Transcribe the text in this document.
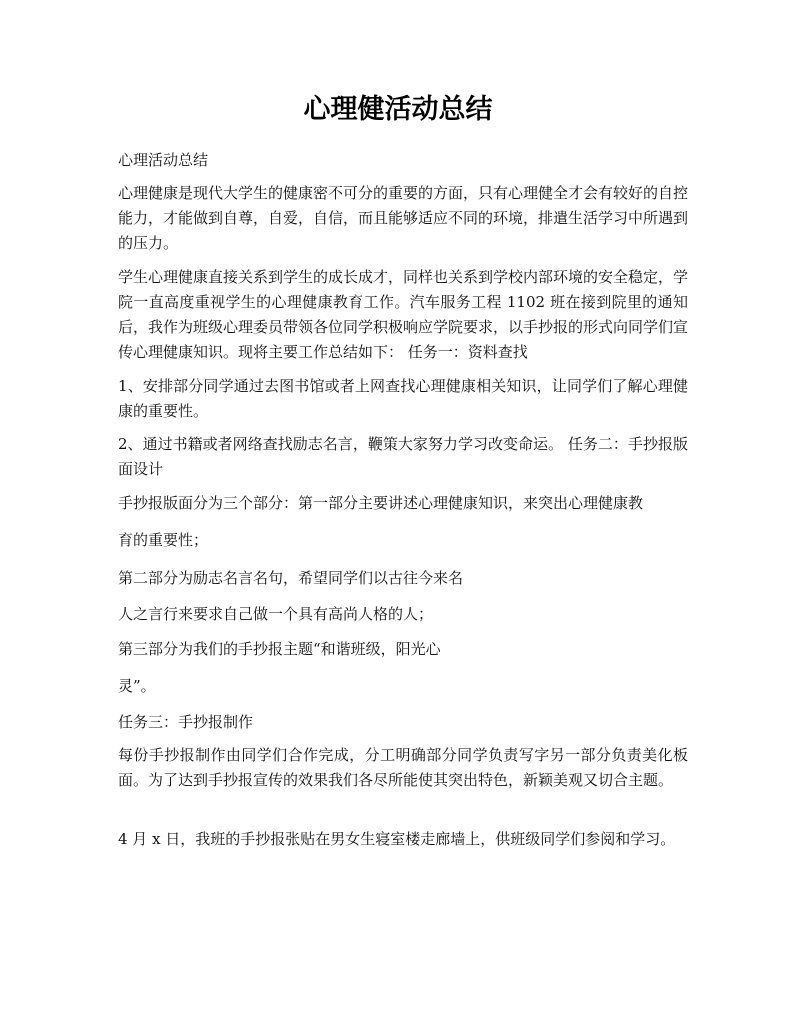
心理健活动总结

心理活动总结

心理健康是现代大学生的健康密不可分的重要的方面，只有心理健全才会有较好的自控能力，才能做到自尊，自爱，自信，而且能够适应不同的环境，排遣生活学习中所遇到的压力。

学生心理健康直接关系到学生的成长成才，同样也关系到学校内部环境的安全稳定，学院一直高度重视学生的心理健康教育工作。汽车服务工程 1102 班在接到院里的通知后，我作为班级心理委员带领各位同学积极响应学院要求，以手抄报的形式向同学们宣传心理健康知识。现将主要工作总结如下： 任务一：资料查找

1、安排部分同学通过去图书馆或者上网查找心理健康相关知识，让同学们了解心理健康的重要性。

2、通过书籍或者网络查找励志名言，鞭策大家努力学习改变命运。 任务二：手抄报版面设计

手抄报版面分为三个部分：第一部分主要讲述心理健康知识，来突出心理健康教

育的重要性；

第二部分为励志名言名句，希望同学们以古往今来名

人之言行来要求自己做一个具有高尚人格的人；

第三部分为我们的手抄报主题“和谐班级，阳光心

灵”。

任务三：手抄报制作

每份手抄报制作由同学们合作完成，分工明确部分同学负责写字另一部分负责美化板面。为了达到手抄报宣传的效果我们各尽所能使其突出特色，新颖美观又切合主题。

4 月 x 日，我班的手抄报张贴在男女生寝室楼走廊墙上，供班级同学们参阅和学习。
